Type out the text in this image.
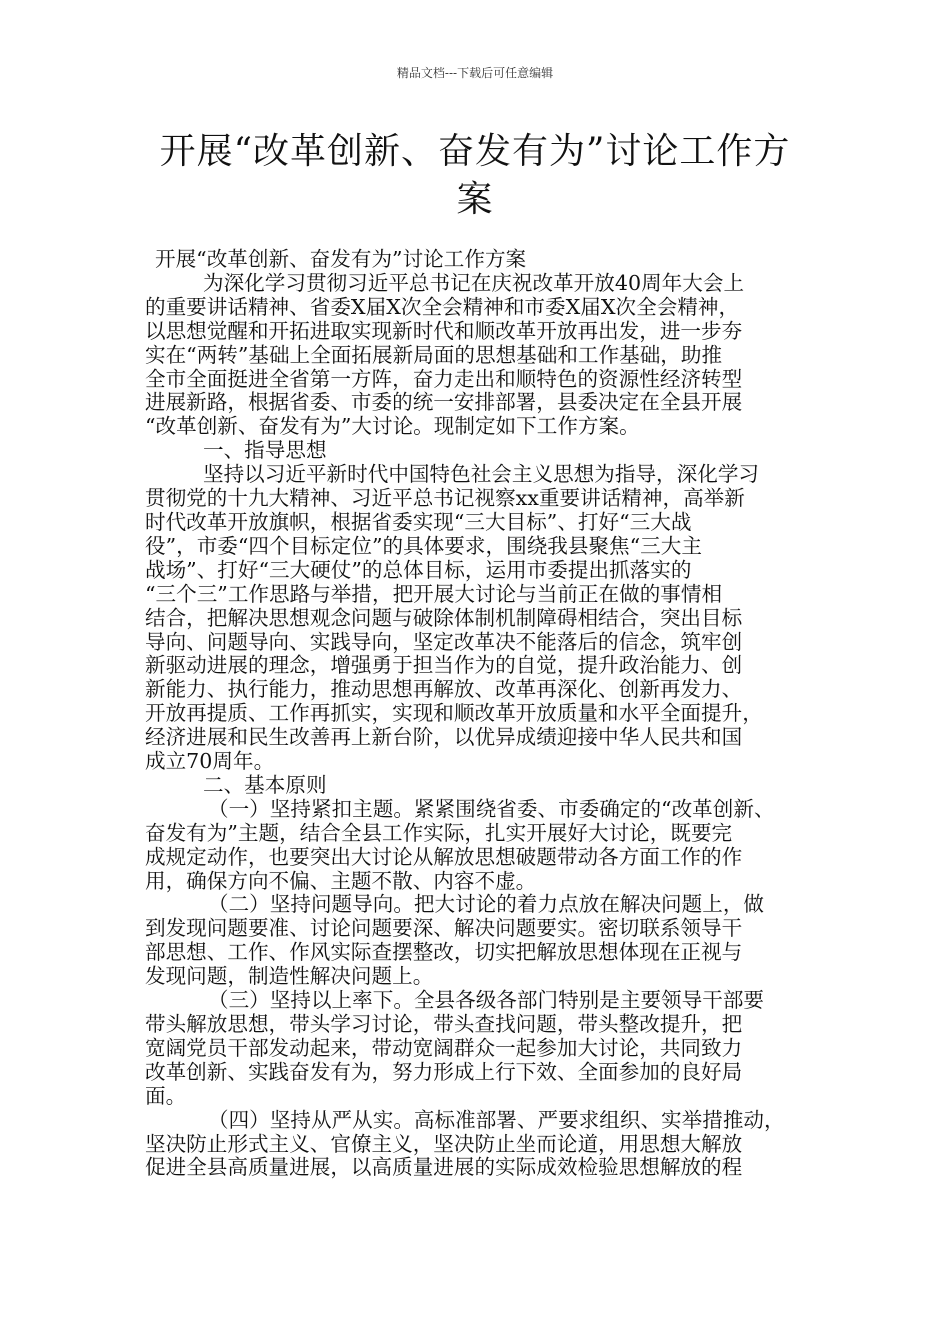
精品文档---下载后可任意编辑
开展“改革创新、奋发有为”讨论工作方
案
开展“改革创新、奋发有为”讨论工作方案
为深化学习贯彻习近平总书记在庆祝改革开放40周年大会上
的重要讲话精神、省委X届X次全会精神和市委X届X次全会精神，
以思想觉醒和开拓进取实现新时代和顺改革开放再出发，进一步夯
实在“两转”基础上全面拓展新局面的思想基础和工作基础，助推
全市全面挺进全省第一方阵，奋力走出和顺特色的资源性经济转型
进展新路，根据省委、市委的统一安排部署，县委决定在全县开展
“改革创新、奋发有为”大讨论。现制定如下工作方案。
一、指导思想
坚持以习近平新时代中国特色社会主义思想为指导，深化学习
贯彻党的十九大精神、习近平总书记视察xx重要讲话精神，高举新
时代改革开放旗帜，根据省委实现“三大目标”、打好“三大战
役”，市委“四个目标定位”的具体要求，围绕我县聚焦“三大主
战场”、打好“三大硬仗”的总体目标，运用市委提出抓落实的
“三个三”工作思路与举措，把开展大讨论与当前正在做的事情相
结合，把解决思想观念问题与破除体制机制障碍相结合，突出目标
导向、问题导向、实践导向，坚定改革决不能落后的信念，筑牢创
新驱动进展的理念，增强勇于担当作为的自觉，提升政治能力、创
新能力、执行能力，推动思想再解放、改革再深化、创新再发力、
开放再提质、工作再抓实，实现和顺改革开放质量和水平全面提升，
经济进展和民生改善再上新台阶，以优异成绩迎接中华人民共和国
成立70周年。
二、基本原则
（一）坚持紧扣主题。紧紧围绕省委、市委确定的“改革创新、
奋发有为”主题，结合全县工作实际，扎实开展好大讨论，既要完
成规定动作，也要突出大讨论从解放思想破题带动各方面工作的作
用，确保方向不偏、主题不散、内容不虚。
（二）坚持问题导向。把大讨论的着力点放在解决问题上，做
到发现问题要准、讨论问题要深、解决问题要实。密切联系领导干
部思想、工作、作风实际查摆整改，切实把解放思想体现在正视与
发现问题，制造性解决问题上。
（三）坚持以上率下。全县各级各部门特别是主要领导干部要
带头解放思想，带头学习讨论，带头查找问题，带头整改提升，把
宽阔党员干部发动起来，带动宽阔群众一起参加大讨论，共同致力
改革创新、实践奋发有为，努力形成上行下效、全面参加的良好局
面。
（四）坚持从严从实。高标准部署、严要求组织、实举措推动，
坚决防止形式主义、官僚主义，坚决防止坐而论道，用思想大解放
促进全县高质量进展，以高质量进展的实际成效检验思想解放的程
